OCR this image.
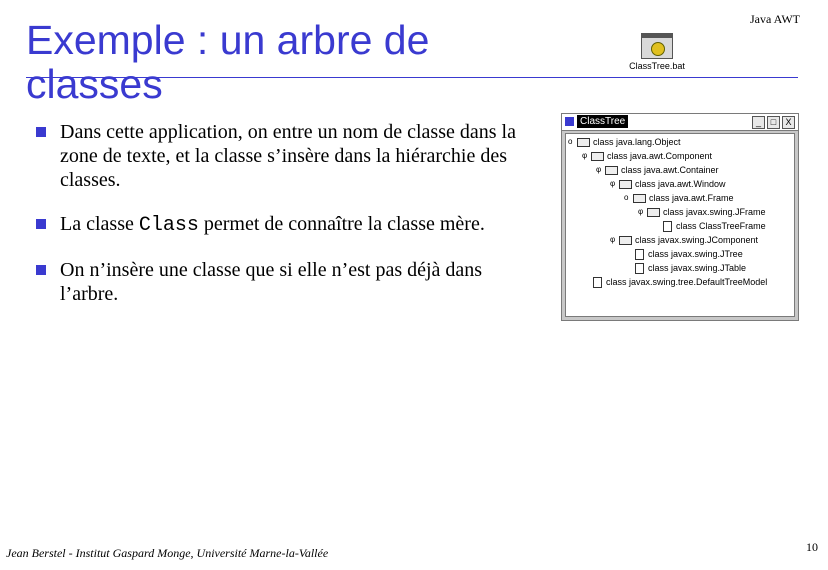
Exemple : un arbre de classes
Java AWT
ClassTree.bat
Dans cette application, on entre un nom de classe dans la zone de texte, et la classe s’insère dans la hiérarchie des classes.
La classe Class permet de connaître la classe mère.
On n’insère une classe que si elle n’est pas déjà dans l’arbre.
ClassTree	_	□	X
ο class java.lang.Object
φ class java.awt.Component
φ class java.awt.Container
φ class java.awt.Window
ο class java.awt.Frame
φ class javax.swing.JFrame
class ClassTreeFrame
φ class javax.swing.JComponent
class javax.swing.JTree
class javax.swing.JTable
class javax.swing.tree.DefaultTreeModel
Jean Berstel - Institut Gaspard Monge, Université Marne-la-Vallée	10
